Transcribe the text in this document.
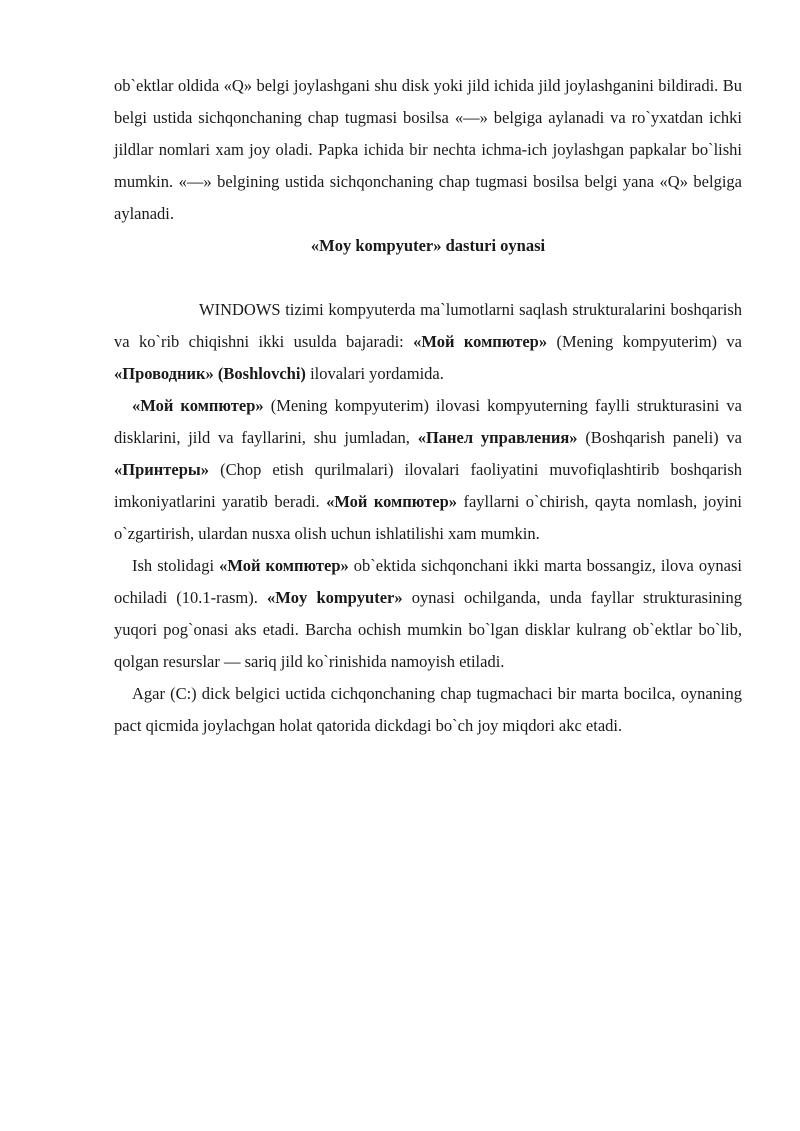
ob`ektlar oldida «Q» belgi joylashgani shu disk yoki jild ichida jild joylashganini bildiradi. Bu belgi ustida sichqonchaning chap tugmasi bosilsa «—» belgiga aylanadi va ro`yxatdan ichki jildlar nomlari xam joy oladi. Papka ichida bir nechta ichma-ich joylashgan papkalar bo`lishi mumkin. «—» belgining ustida sichqonchaning chap tugmasi bosilsa belgi yana «Q» belgiga aylanadi.

«Moy kompyuter» dasturi oynasi

WINDOWS tizimi kompyuterda ma`lumotlarni saqlash strukturalarini boshqarish va ko`rib chiqishni ikki usulda bajaradi: «Мой компютер» (Mening kompyuterim) va «Проводник» (Boshlovchi) ilovalari yordamida.

«Мой компютер» (Mening kompyuterim) ilovasi kompyuterning faylli strukturasini va disklarini, jild va fayllarini, shu jumladan, «Панел управления» (Boshqarish paneli) va «Принтеры» (Chop etish qurilmalari) ilovalari faoliyatini muvofiqlashtirib boshqarish imkoniyatlarini yaratib beradi. «Мой компютер» fayllarni o`chirish, qayta nomlash, joyini o`zgartirish, ulardan nusxa olish uchun ishlatilishi xam mumkin.

Ish stolidagi «Мой компютер» ob`ektida sichqonchani ikki marta bossangiz, ilova oynasi ochiladi (10.1-rasm). «Moy kompyuter» oynasi ochilganda, unda fayllar strukturasining yuqori pog`onasi aks etadi. Barcha ochish mumkin bo`lgan disklar kulrang ob`ektlar bo`lib, qolgan resurslar — sariq jild ko`rinishida namoyish etiladi.

Agar (C:) dick belgici uctida cichqonchaning chap tugmachaci bir marta bocilca, oynaning pact qicmida joylachgan holat qatorida dickdagi bo`ch joy miqdori akc etadi.
